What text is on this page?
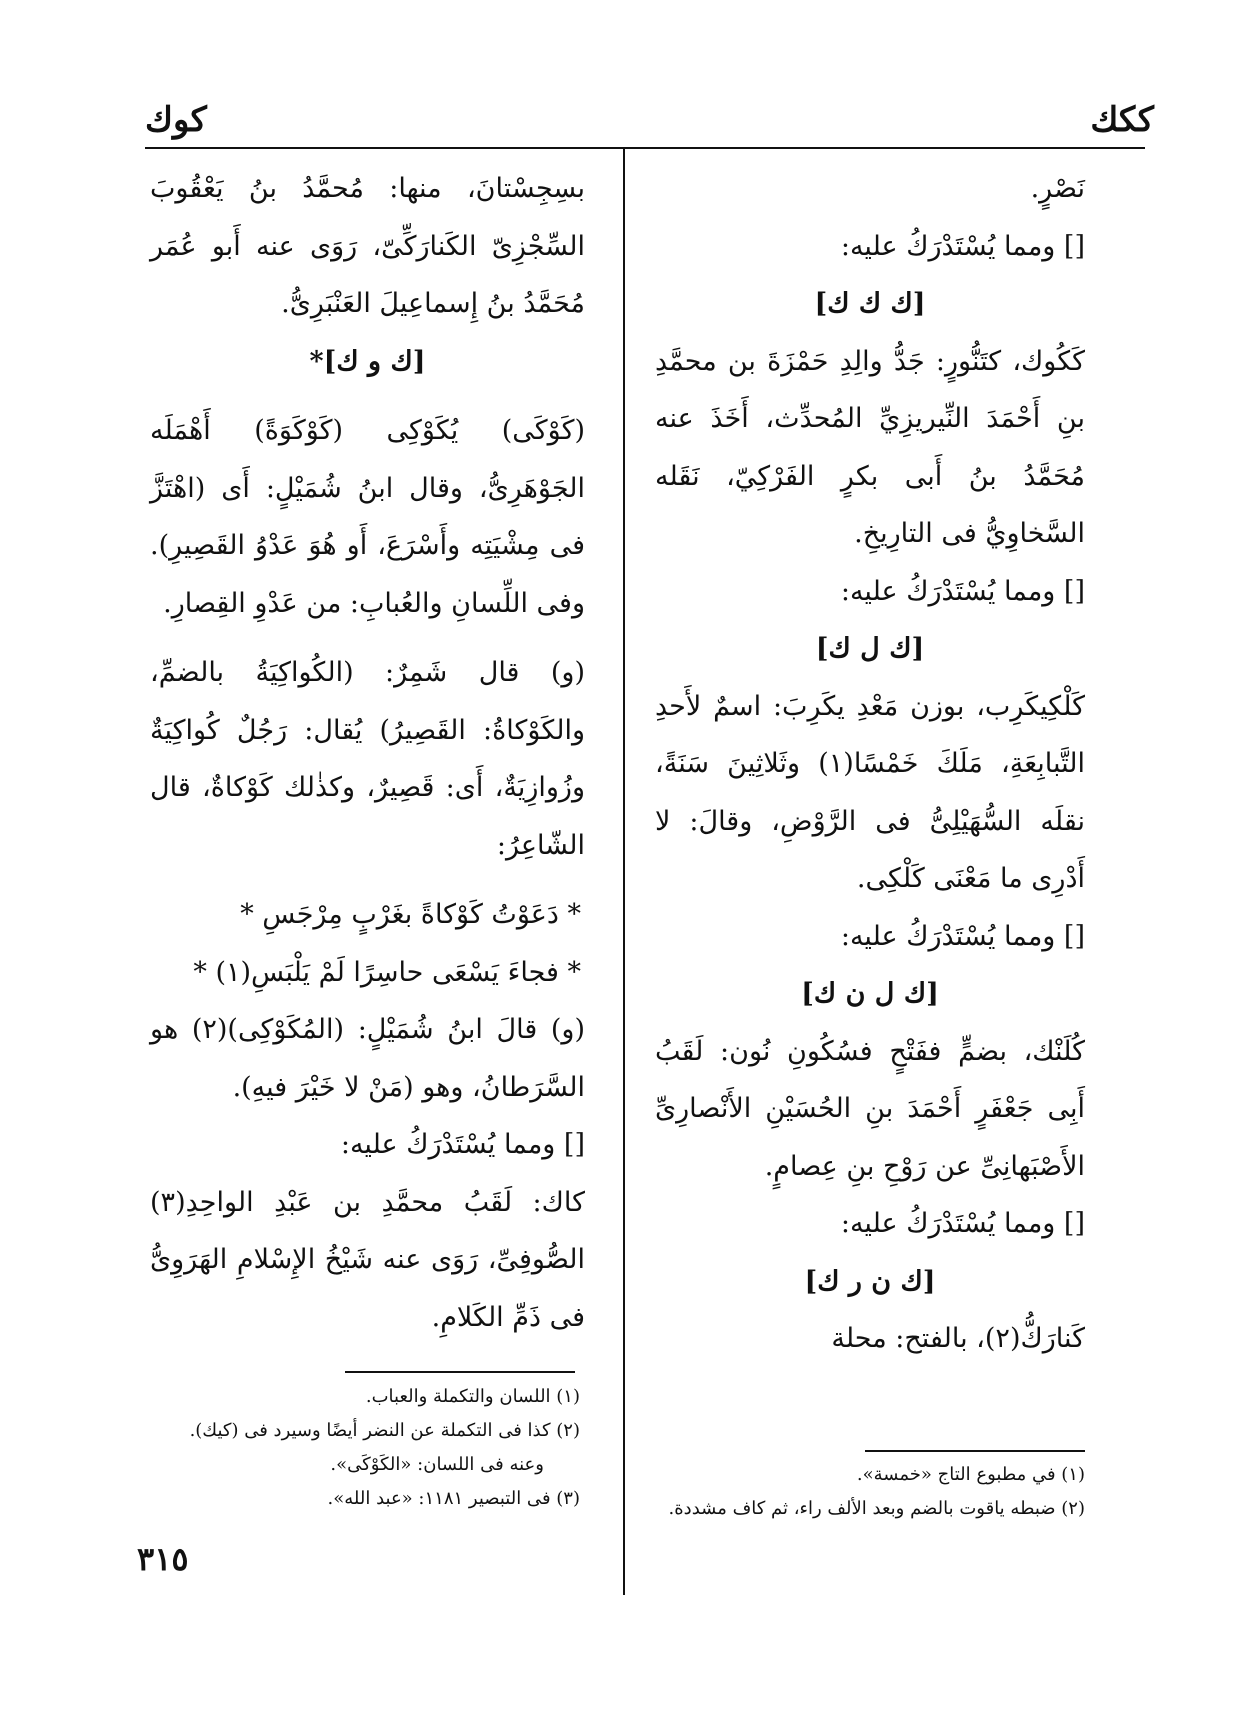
كوك	ككك

نَصْرٍ.

[] ومما يُسْتَدْرَكُ عليه:

[ك ك ك]

كَكُوك، كتَنُّورٍ: جَدُّ والِدِ حَمْزَةَ بن محمَّدِ بنِ أَحْمَدَ النِّيريزِيِّ المُحدِّث، أَخَذَ عنه مُحَمَّدُ بنُ أَبى بكرٍ الفَرْكِيّ، نَقَله السَّخاوِيُّ فى التارِيخِ.

[] ومما يُسْتَدْرَكُ عليه:

[ك ل ك]

كَلْكِيكَرِب، بوزن مَعْدِ يكَرِبَ: اسمٌ لأَحدِ التَّبابِعَةِ، مَلَكَ خَمْسًا(١) وثَلاثِينَ سَنَةً، نقلَه السُّهَيْلِىُّ فى الرَّوْضِ، وقالَ: لا أَدْرِى ما مَعْنَى كَلْكِى.

[] ومما يُسْتَدْرَكُ عليه:

[ك ل ن ك]

كُلَنْك، بضمٍّ ففَتْحٍ فسُكُونِ نُون: لَقَبُ أَبِى جَعْفَرٍ أَحْمَدَ بنِ الحُسَيْنِ الأَنْصارِىِّ الأَصْبَهانِىِّ عن رَوْحِ بنِ عِصامٍ.

[] ومما يُسْتَدْرَكُ عليه:

[ك ن ر ك]

كَنارَكُّ(٢)، بالفتح: محلة

بسِجِسْتانَ، منها: مُحمَّدُ بنُ يَعْقُوبَ السِّجْزِىّ الكَنارَكِّىّ، رَوَى عنه أَبو عُمَر مُحَمَّدُ بنُ إِسماعِيلَ العَنْبَرِىُّ.

[ك و ك]*

(كَوْكَى) يُكَوْكِى (كَوْكَوَةً) أَهْمَلَه الجَوْهَرِىُّ، وقال ابنُ شُمَيْلٍ: أَى (اهْتَزَّ فى مِشْيَتِه وأَسْرَعَ، أَو هُوَ عَدْوُ القَصِيرِ). وفى اللِّسانِ والعُبابِ: من عَدْوِ القِصارِ.

(و) قال شَمِرٌ: (الكُواكِيَةُ بالضمِّ، والكَوْكاةُ: القَصِيرُ) يُقال: رَجُلٌ كُواكِيَةٌ وزُوازِيَةٌ، أَى: قَصِيرٌ، وكذٰلك كَوْكاةٌ، قال الشّاعِرُ:

* دَعَوْتُ كَوْكاةً بغَرْبٍ مِرْجَسِ *

* فجاءَ يَسْعَى حاسِرًا لَمْ يَلْبَسِ(١) *

(و) قالَ ابنُ شُمَيْلٍ: (المُكَوْكِى)(٢) هو السَّرَطانُ، وهو (مَنْ لا خَيْرَ فيهِ).

[] ومما يُسْتَدْرَكُ عليه:

كاك: لَقَبُ محمَّدِ بن عَبْدِ الواحِدِ(٣) الصُّوفِىِّ، رَوَى عنه شَيْخُ الإِسْلامِ الهَرَوِىُّ فى ذَمِّ الكَلامِ.

(١) اللسان والتكملة والعباب.

(٢) كذا فى التكملة عن النضر أيضًا وسيرد فى (كيك).

وعنه فى اللسان: «الكَوْكَى».

(٣) فى التبصير ١١٨١: «عبد الله».

(١) في مطبوع التاج «خمسة».

(٢) ضبطه ياقوت بالضم وبعد الألف راء، ثم كاف مشددة.

٣١٥
